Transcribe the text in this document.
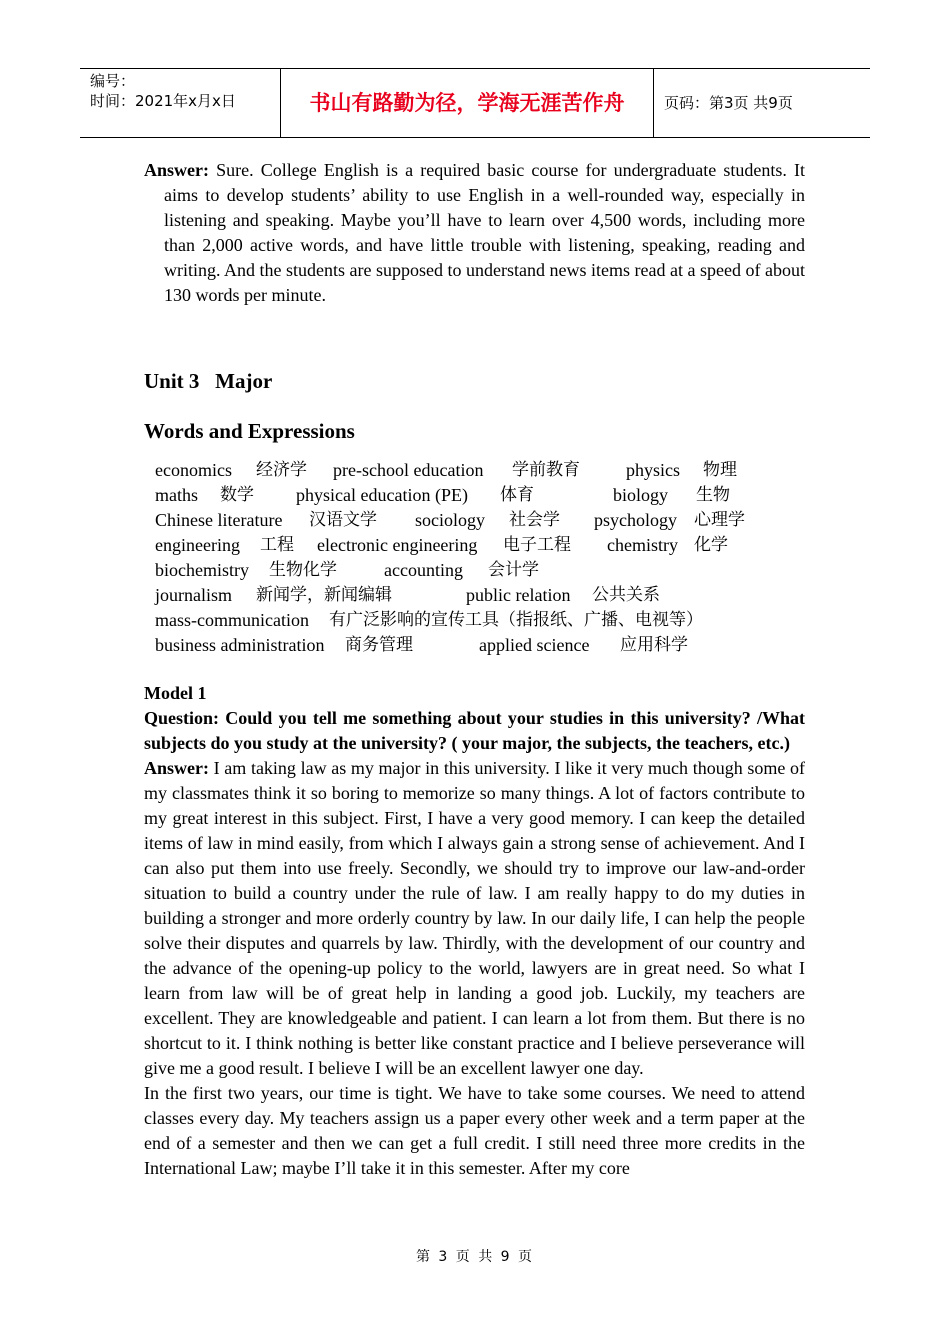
编号：
时间：2021年x月x日	书山有路勤为径，学海无涯苦作舟	页码：第3页 共9页

Answer: Sure. College English is a required basic course for undergraduate students. It aims to develop students’ ability to use English in a well-rounded way, especially in listening and speaking. Maybe you’ll have to learn over 4,500 words, including more than 2,000 active words, and have little trouble with listening, speaking, reading and writing. And the students are supposed to understand news items read at a speed of about 130 words per minute.

Unit 3   Major

Words and Expressions

economics 经济学 pre-school education 学前教育	physics 物理
maths 数学 physical education (PE) 体育	biology 生物
Chinese literature 汉语文学 sociology 社会学 psychology 心理学
engineering 工程 electronic engineering 电子工程 chemistry 化学
biochemistry 生物化学	accounting 会计学
journalism 新闻学，新闻编辑	public relation 公共关系
mass-communication 有广泛影响的宣传工具（指报纸、广播、电视等）
business administration 商务管理	applied science 应用科学

Model 1

Question: Could you tell me something about your studies in this university? /What subjects do you study at the university? ( your major, the subjects, the teachers, etc.)

Answer: I am taking law as my major in this university. I like it very much though some of my classmates think it so boring to memorize so many things. A lot of factors contribute to my great interest in this subject. First, I have a very good memory. I can keep the detailed items of law in mind easily, from which I always gain a strong sense of achievement. And I can also put them into use freely. Secondly, we should try to improve our law-and-order situation to build a country under the rule of law. I am really happy to do my duties in building a stronger and more orderly country by law. In our daily life, I can help the people solve their disputes and quarrels by law. Thirdly, with the development of our country and the advance of the opening-up policy to the world, lawyers are in great need. So what I learn from law will be of great help in landing a good job. Luckily, my teachers are excellent. They are knowledgeable and patient. I can learn a lot from them. But there is no shortcut to it. I think nothing is better like constant practice and I believe perseverance will give me a good result. I believe I will be an excellent lawyer one day.

In the first two years, our time is tight. We have to take some courses. We need to attend classes every day. My teachers assign us a paper every other week and a term paper at the end of a semester and then we can get a full credit. I still need three more credits in the International Law; maybe I’ll take it in this semester. After my core

第 3 页 共 9 页
